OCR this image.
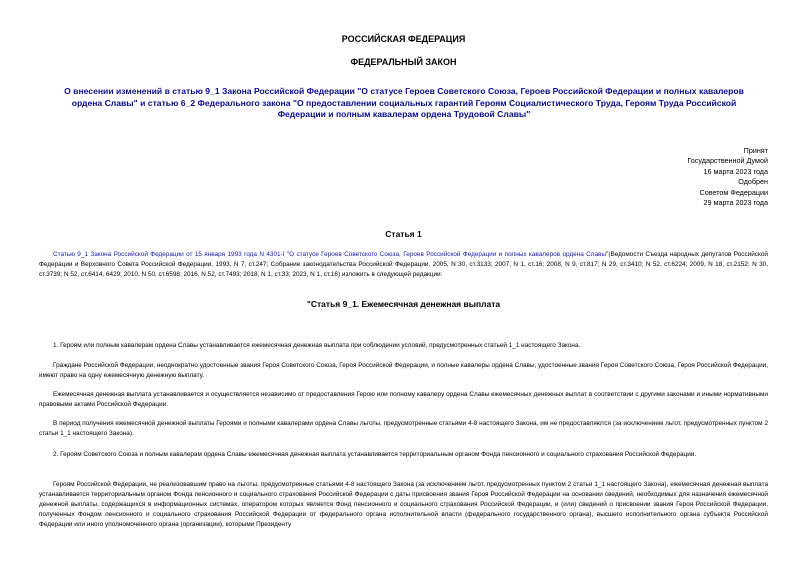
РОССИЙСКАЯ ФЕДЕРАЦИЯ
ФЕДЕРАЛЬНЫЙ ЗАКОН
О внесении изменений в статью 9_1 Закона Российской Федерации "О статусе Героев Советского Союза, Героев Российской Федерации и полных кавалеров ордена Славы" и статью 6_2 Федерального закона "О предоставлении социальных гарантий Героям Социалистического Труда, Героям Труда Российской Федерации и полным кавалерам ордена Трудовой Славы"
Принят
Государственной Думой
16 марта 2023 года
Одобрен
Советом Федерации
29 марта 2023 года
Статья 1
Статью 9_1 Закона Российской Федерации от 15 января 1993 года N 4301-I "О статусе Героев Советского Союза, Героев Российской Федерации и полных кавалеров ордена Славы"(Ведомости Съезда народных депутатов Российской Федерации и Верховного Совета Российской Федерации, 1993, N 7, ст.247; Собрание законодательства Российской Федерации, 2005, N 30, ст.3133; 2007, N 1, ст.16; 2008, N 9, ст.817; N 29, ст.3410; N 52, ст.6224; 2009, N 18, ст.2152; N 30, ст.3739; N 52, ст.6414, 6429; 2010, N 50, ст.6598; 2016, N 52, ст.7493; 2018, N 1, ст.33; 2023, N 1, ст.16) изложить в следующей редакции:
"Статья 9_1. Ежемесячная денежная выплата
1. Героям или полным кавалерам ордена Славы устанавливается ежемесячная денежная выплата при соблюдении условий, предусмотренных статьей 1_1 настоящего Закона.
Граждане Российской Федерации, неоднократно удостоенные звания Героя Советского Союза, Героя Российской Федерации, и полные кавалеры ордена Славы, удостоенные звания Героя Советского Союза, Героя Российской Федерации, имеют право на одну ежемесячную денежную выплату.
Ежемесячная денежная выплата устанавливается и осуществляется независимо от предоставления Герою или полному кавалеру ордена Славы ежемесячных денежных выплат в соответствии с другими законами и иными нормативными правовыми актами Российской Федерации.
В период получения ежемесячной денежной выплаты Героями и полными кавалерами ордена Славы льготы, предусмотренные статьями 4-8 настоящего Закона, им не предоставляются (за исключением льгот, предусмотренных пунктом 2 статьи 1_1 настоящего Закона).
2. Героям Советского Союза и полным кавалерам ордена Славы ежемесячная денежная выплата устанавливается территориальным органом Фонда пенсионного и социального страхования Российской Федерации.
Героям Российской Федерации, не реализовавшим право на льготы, предусмотренные статьями 4-8 настоящего Закона (за исключением льгот, предусмотренных пунктом 2 статьи 1_1 настоящего Закона), ежемесячная денежная выплата устанавливается территориальным органом Фонда пенсионного и социального страхования Российской Федерации с даты присвоения звания Героя Российской Федерации на основании сведений, необходимых для назначения ежемесячной денежной выплаты, содержащихся в информационных системах, оператором которых является Фонд пенсионного и социального страхования Российской Федерации, и (или) сведений о присвоении звания Героя Российской Федерации, полученных Фондом пенсионного и социального страхования Российской Федерации от федерального органа исполнительной власти (федерального государственного органа), высшего исполнительного органа субъекта Российской Федерации или иного уполномоченного органа (организации), которыми Президенту
